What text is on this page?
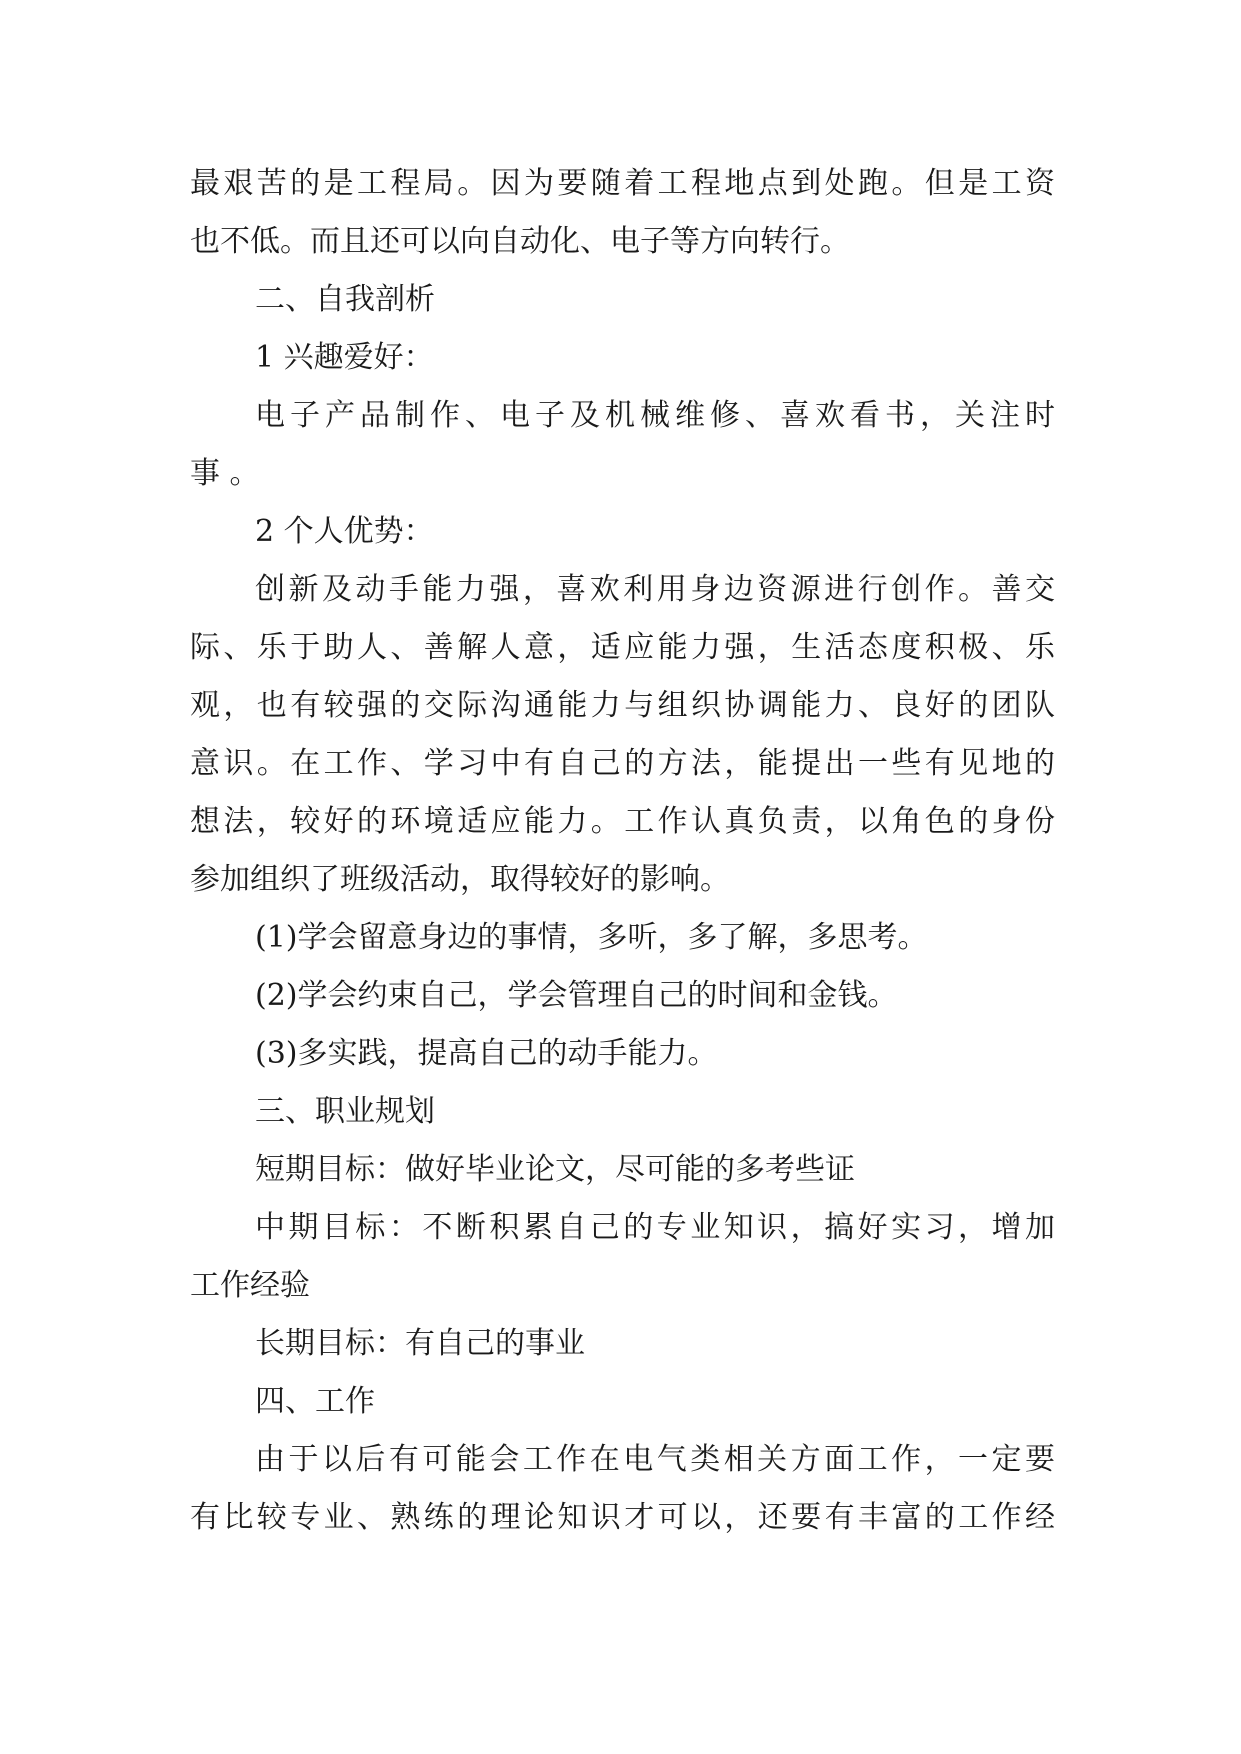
最艰苦的是工程局。因为要随着工程地点到处跑。但是工资
也不低。而且还可以向自动化、电子等方向转行。
二、自我剖析
1 兴趣爱好：
电子产品制作、电子及机械维修、喜欢看书，关注时
事 。
2 个人优势：
创新及动手能力强，喜欢利用身边资源进行创作。善交
际、乐于助人、善解人意，适应能力强，生活态度积极、乐
观，也有较强的交际沟通能力与组织协调能力、良好的团队
意识。在工作、学习中有自己的方法，能提出一些有见地的
想法，较好的环境适应能力。工作认真负责，以角色的身份
参加组织了班级活动，取得较好的影响。
(1)学会留意身边的事情，多听，多了解，多思考。
(2)学会约束自己，学会管理自己的时间和金钱。
(3)多实践，提高自己的动手能力。
三、职业规划
短期目标：做好毕业论文，尽可能的多考些证
中期目标：不断积累自己的专业知识，搞好实习，增加
工作经验
长期目标：有自己的事业
四、工作
由于以后有可能会工作在电气类相关方面工作，一定要
有比较专业、熟练的理论知识才可以，还要有丰富的工作经
